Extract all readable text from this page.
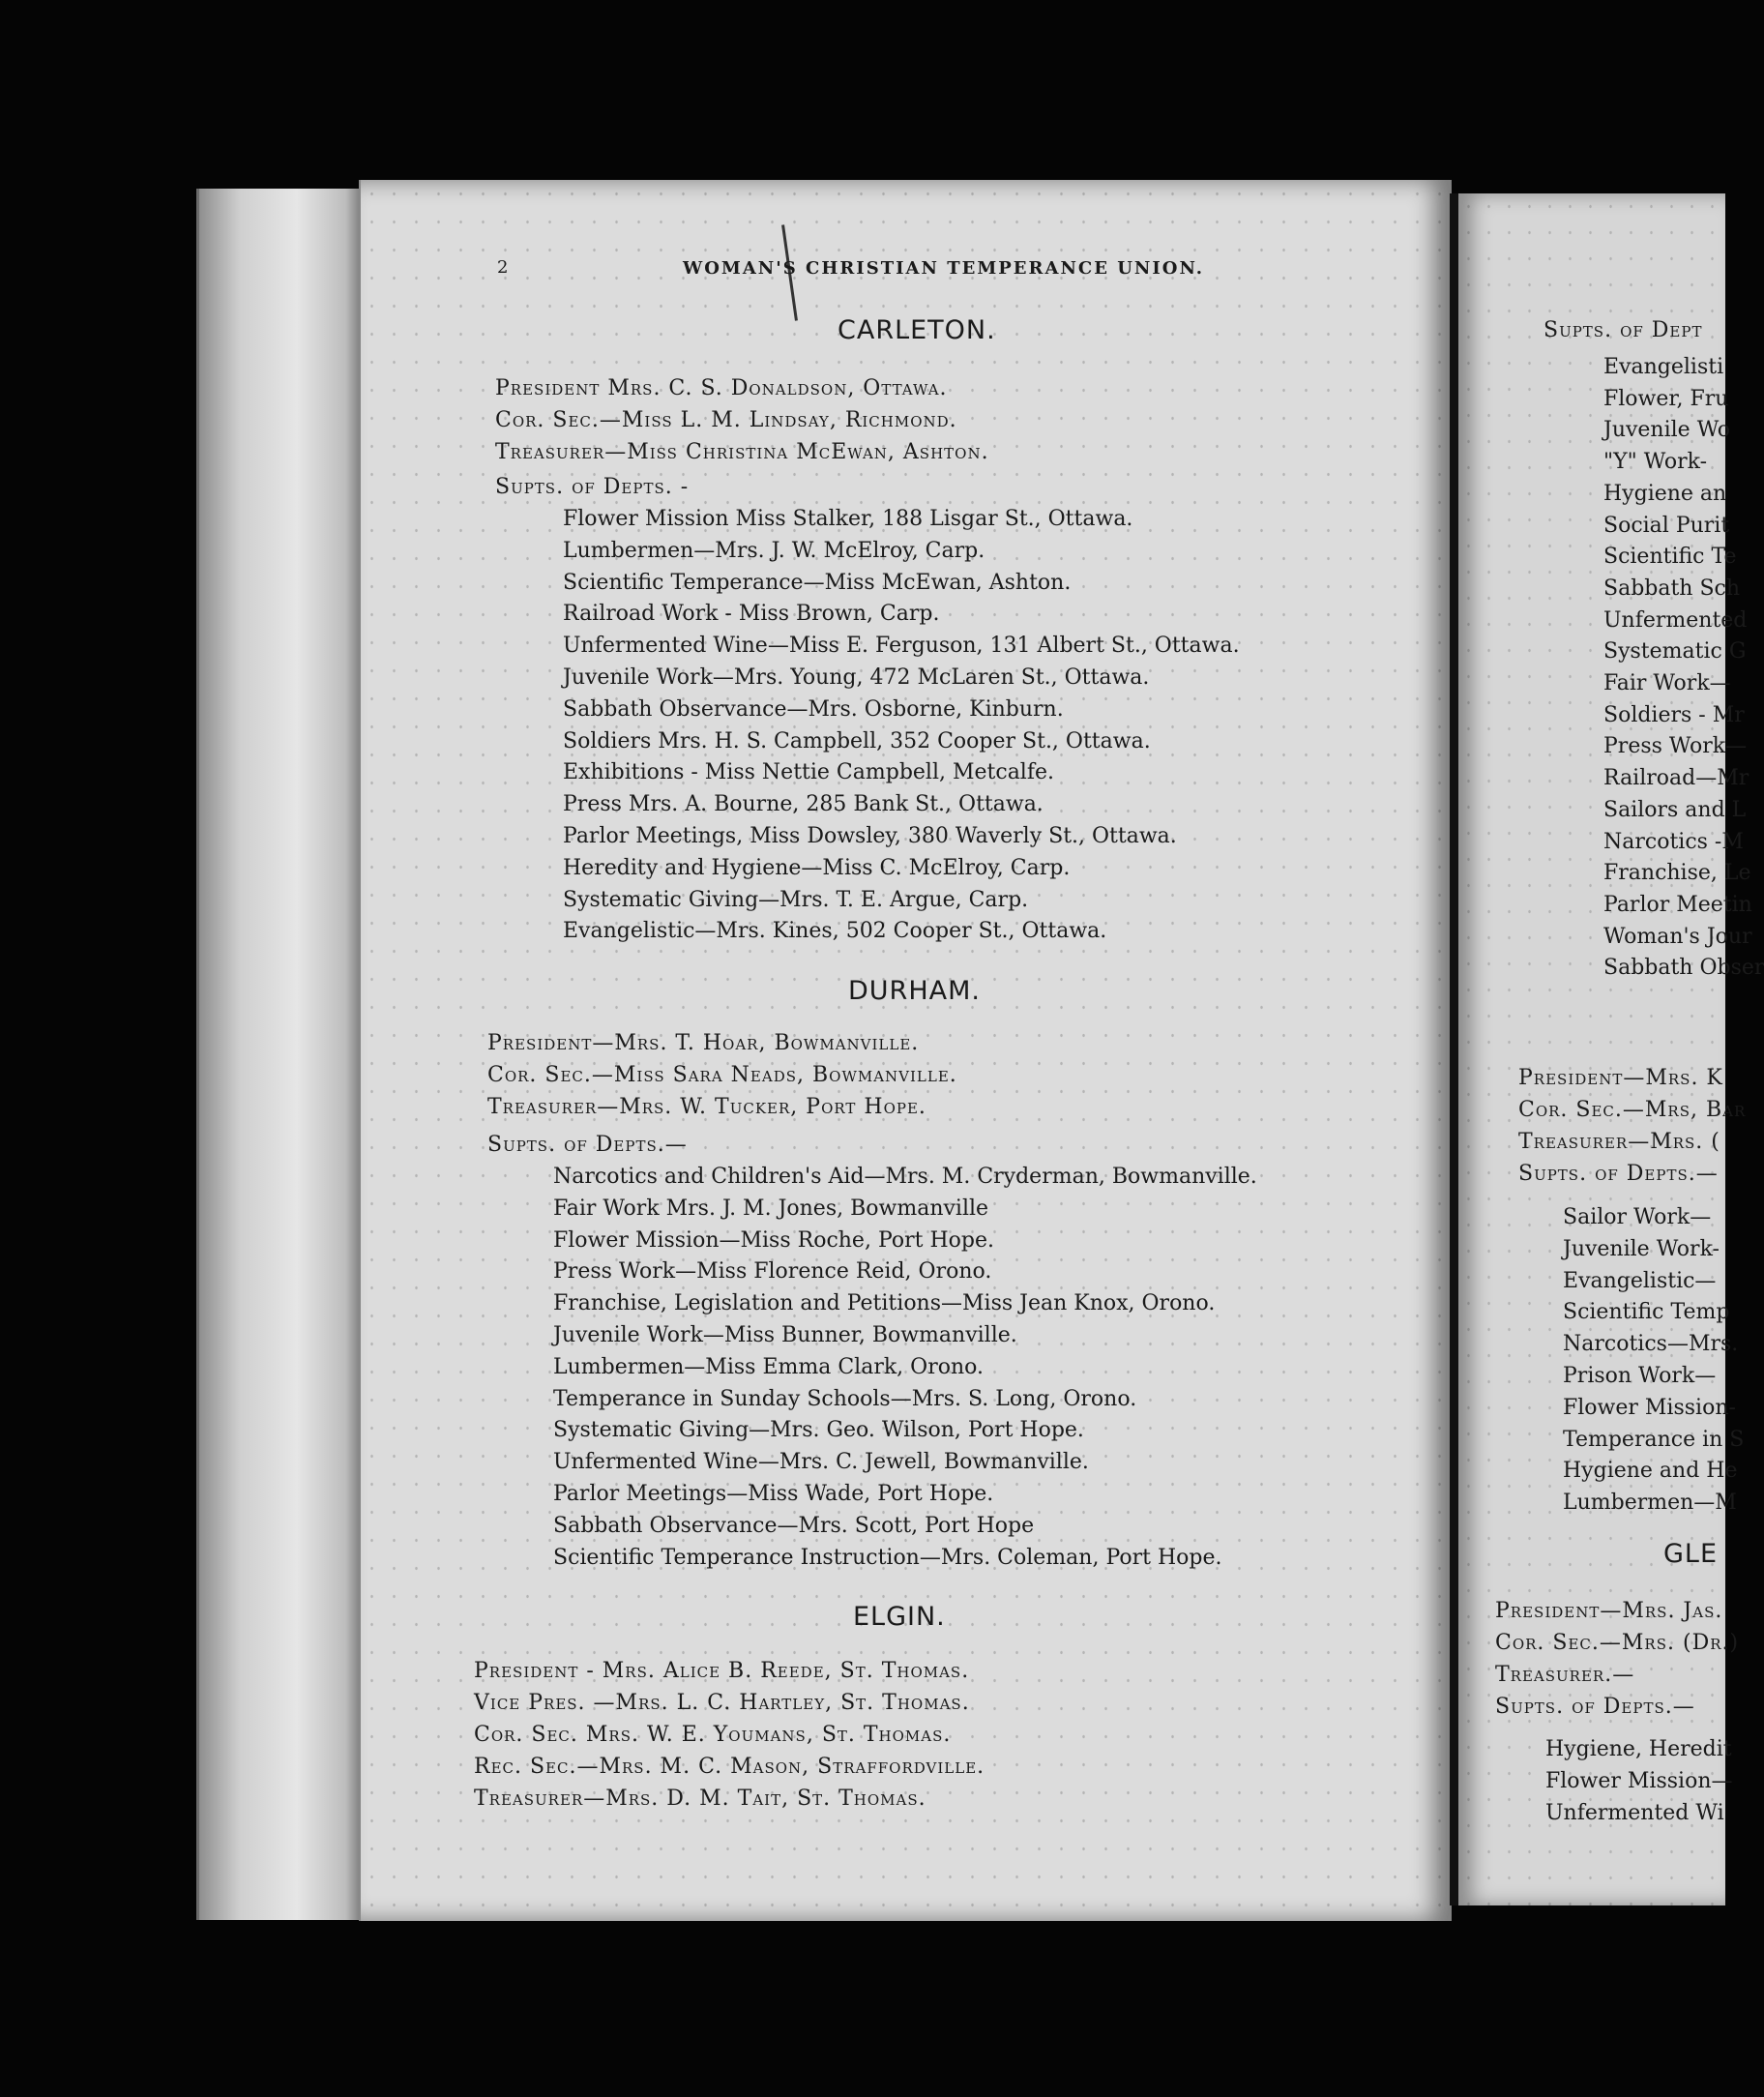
2	WOMAN'S CHRISTIAN TEMPERANCE UNION.
CARLETON.
President Mrs. C. S. Donaldson, Ottawa.
Cor. Sec.—Miss L. M. Lindsay, Richmond.
Treasurer—Miss Christina McEwan, Ashton.
Supts. of Depts. -
Flower Mission Miss Stalker, 188 Lisgar St., Ottawa.
Lumbermen—Mrs. J. W. McElroy, Carp.
Scientific Temperance—Miss McEwan, Ashton.
Railroad Work - Miss Brown, Carp.
Unfermented Wine—Miss E. Ferguson, 131 Albert St., Ottawa.
Juvenile Work—Mrs. Young, 472 McLaren St., Ottawa.
Sabbath Observance—Mrs. Osborne, Kinburn.
Soldiers Mrs. H. S. Campbell, 352 Cooper St., Ottawa.
Exhibitions - Miss Nettie Campbell, Metcalfe.
Press Mrs. A. Bourne, 285 Bank St., Ottawa.
Parlor Meetings, Miss Dowsley, 380 Waverly St., Ottawa.
Heredity and Hygiene—Miss C. McElroy, Carp.
Systematic Giving—Mrs. T. E. Argue, Carp.
Evangelistic—Mrs. Kines, 502 Cooper St., Ottawa.
DURHAM.
President—Mrs. T. Hoar, Bowmanville.
Cor. Sec.—Miss Sara Neads, Bowmanville.
Treasurer—Mrs. W. Tucker, Port Hope.
Supts. of Depts.—
Narcotics and Children's Aid—Mrs. M. Cryderman, Bowmanville.
Fair Work Mrs. J. M. Jones, Bowmanville
Flower Mission—Miss Roche, Port Hope.
Press Work—Miss Florence Reid, Orono.
Franchise, Legislation and Petitions—Miss Jean Knox, Orono.
Juvenile Work—Miss Bunner, Bowmanville.
Lumbermen—Miss Emma Clark, Orono.
Temperance in Sunday Schools—Mrs. S. Long, Orono.
Systematic Giving—Mrs. Geo. Wilson, Port Hope.
Unfermented Wine—Mrs. C. Jewell, Bowmanville.
Parlor Meetings—Miss Wade, Port Hope.
Sabbath Observance—Mrs. Scott, Port Hope
Scientific Temperance Instruction—Mrs. Coleman, Port Hope.
ELGIN.
President - Mrs. Alice B. Reede, St. Thomas.
Vice Pres. —Mrs. L. C. Hartley, St. Thomas.
Cor. Sec. Mrs. W. E. Youmans, St. Thomas.
Rec. Sec.—Mrs. M. C. Mason, Straffordville.
Treasurer—Mrs. D. M. Tait, St. Thomas.
Supts. of Dept
Evangelisti
Flower, Fru
Juvenile Wo
"Y" Work-
Hygiene an
Social Purit
Scientific Te
Sabbath Sch
Unfermented
Systematic G
Fair Work—
Soldiers - Mr
Press Work—
Railroad—Mr
Sailors and L
Narcotics -M
Franchise, Le
Parlor Meetin
Woman's Jour
Sabbath Obser
GLE
President—Mrs. K
Cor. Sec.—Mrs, Bar
Treasurer—Mrs. (
Supts. of Depts.—
Sailor Work—
Juvenile Work-
Evangelistic—
Scientific Temp
Narcotics—Mrs.
Prison Work—
Flower Mission-
Temperance in S
Hygiene and He
Lumbermen—M
President—Mrs. Jas.
Cor. Sec.—Mrs. (Dr.)
Treasurer.—
Supts. of Depts.—
Hygiene, Heredit
Flower Mission—
Unfermented Wi
